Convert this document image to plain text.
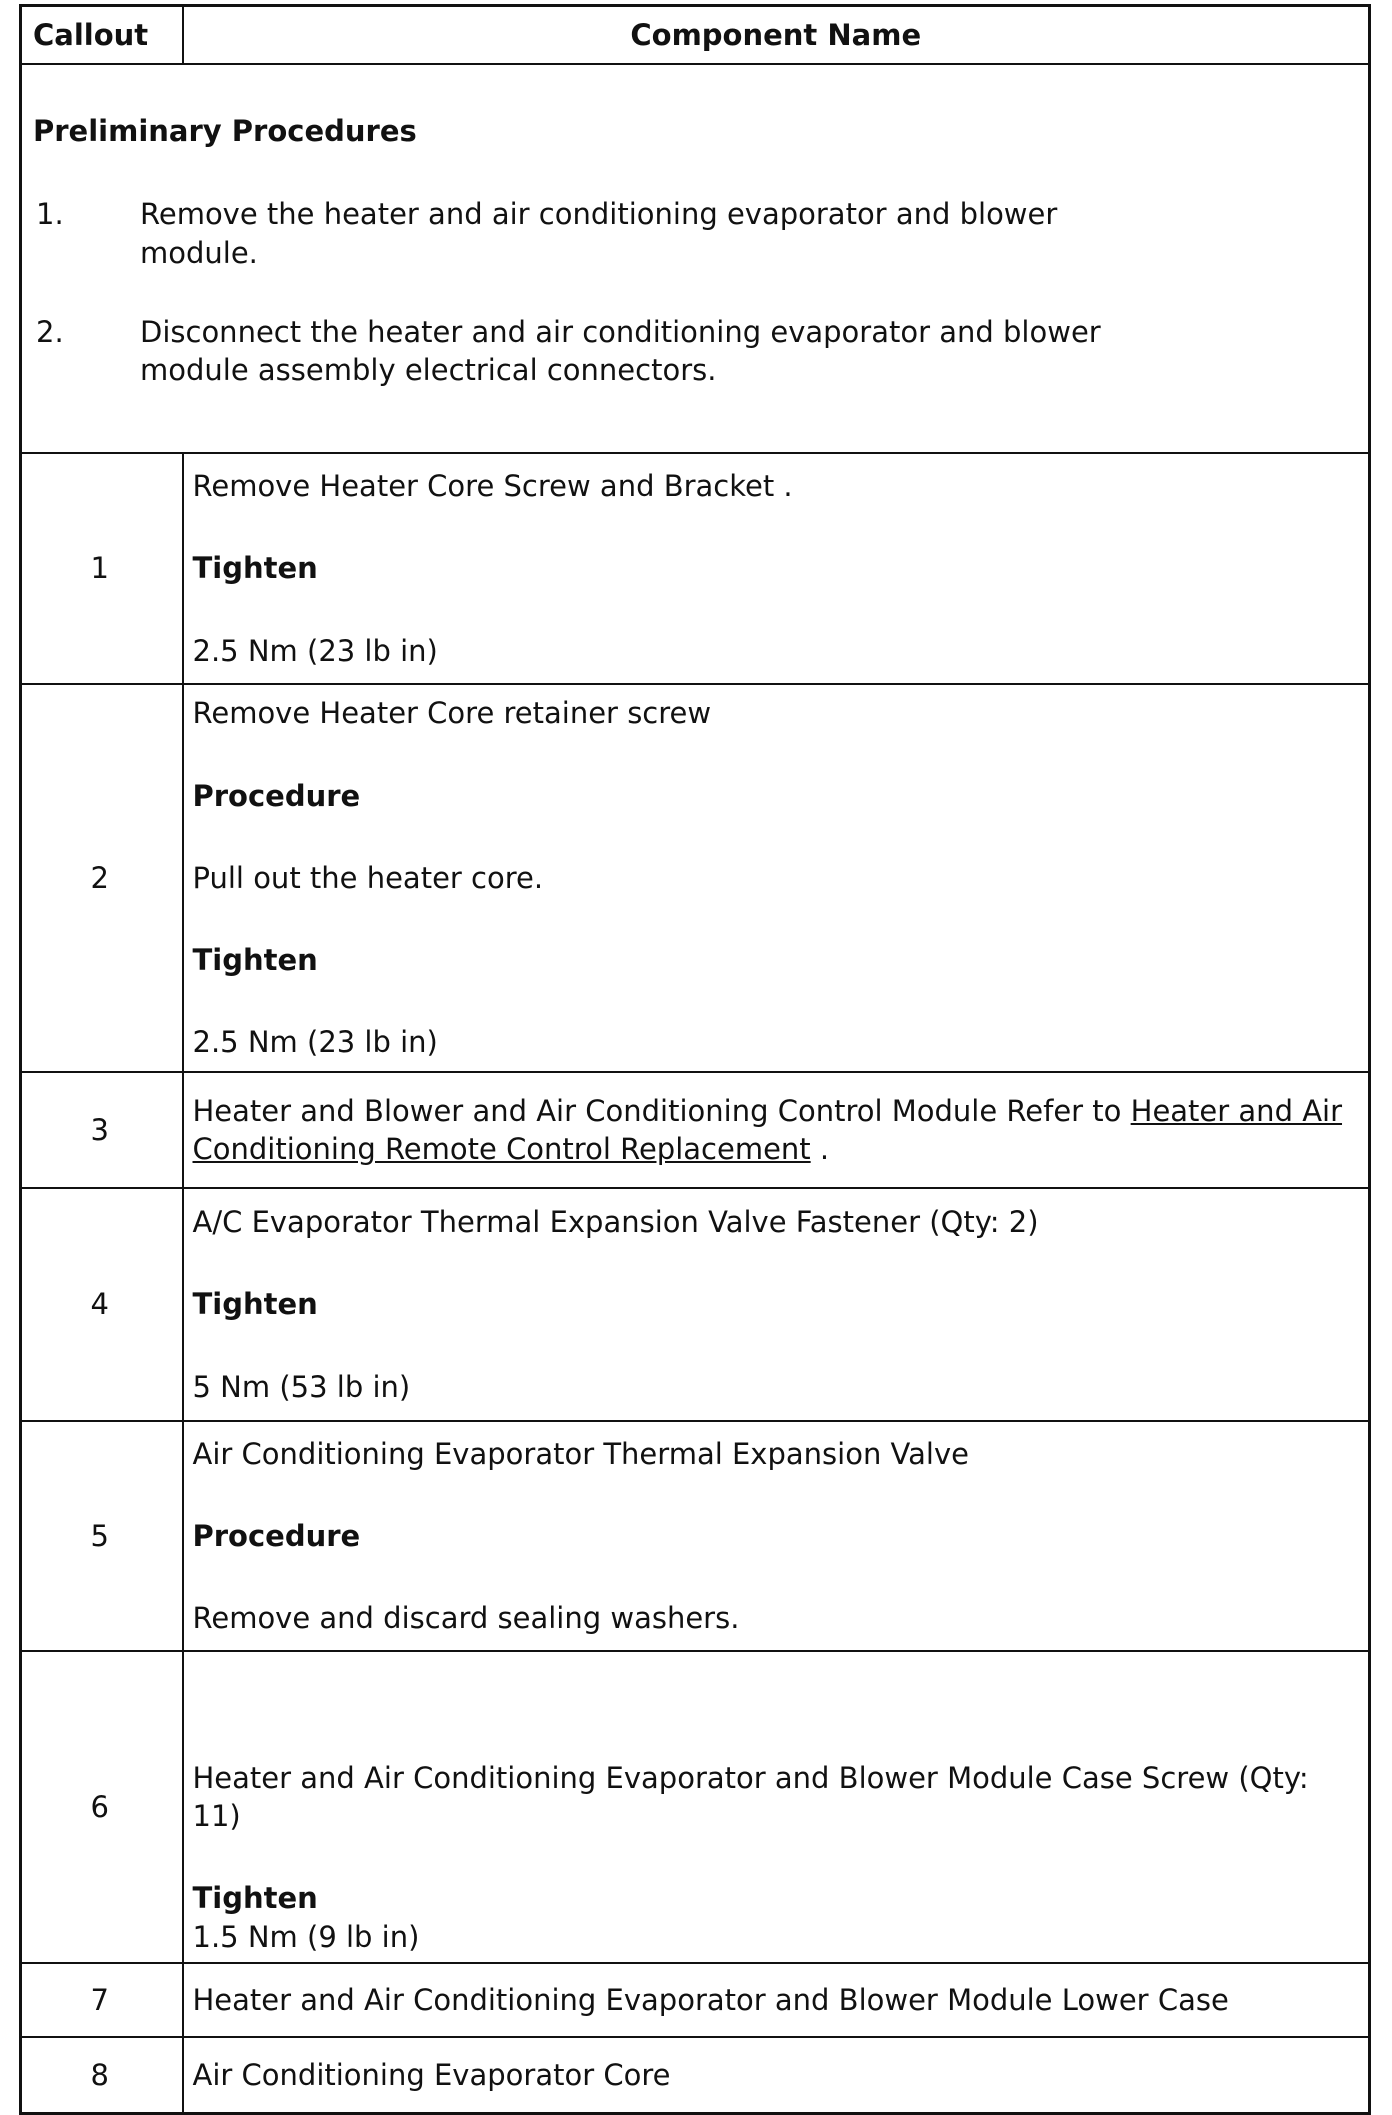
Callout	Component Name

Preliminary Procedures
1. Remove the heater and air conditioning evaporator and blower module.
2. Disconnect the heater and air conditioning evaporator and blower module assembly electrical connectors.	

1	Remove Heater Core Screw and Bracket .

Tighten

2.5 Nm (23 lb in)

2	Remove Heater Core retainer screw

Procedure

Pull out the heater core.

Tighten

2.5 Nm (23 lb in)

3	Heater and Blower and Air Conditioning Control Module Refer to Heater and Air Conditioning Remote Control Replacement .

4	A/C Evaporator Thermal Expansion Valve Fastener (Qty: 2)

Tighten

5 Nm (53 lb in)

5	Air Conditioning Evaporator Thermal Expansion Valve

Procedure

Remove and discard sealing washers.

6	Heater and Air Conditioning Evaporator and Blower Module Case Screw (Qty: 11)

Tighten

1.5 Nm (9 lb in)

7	Heater and Air Conditioning Evaporator and Blower Module Lower Case
8	Air Conditioning Evaporator Core
